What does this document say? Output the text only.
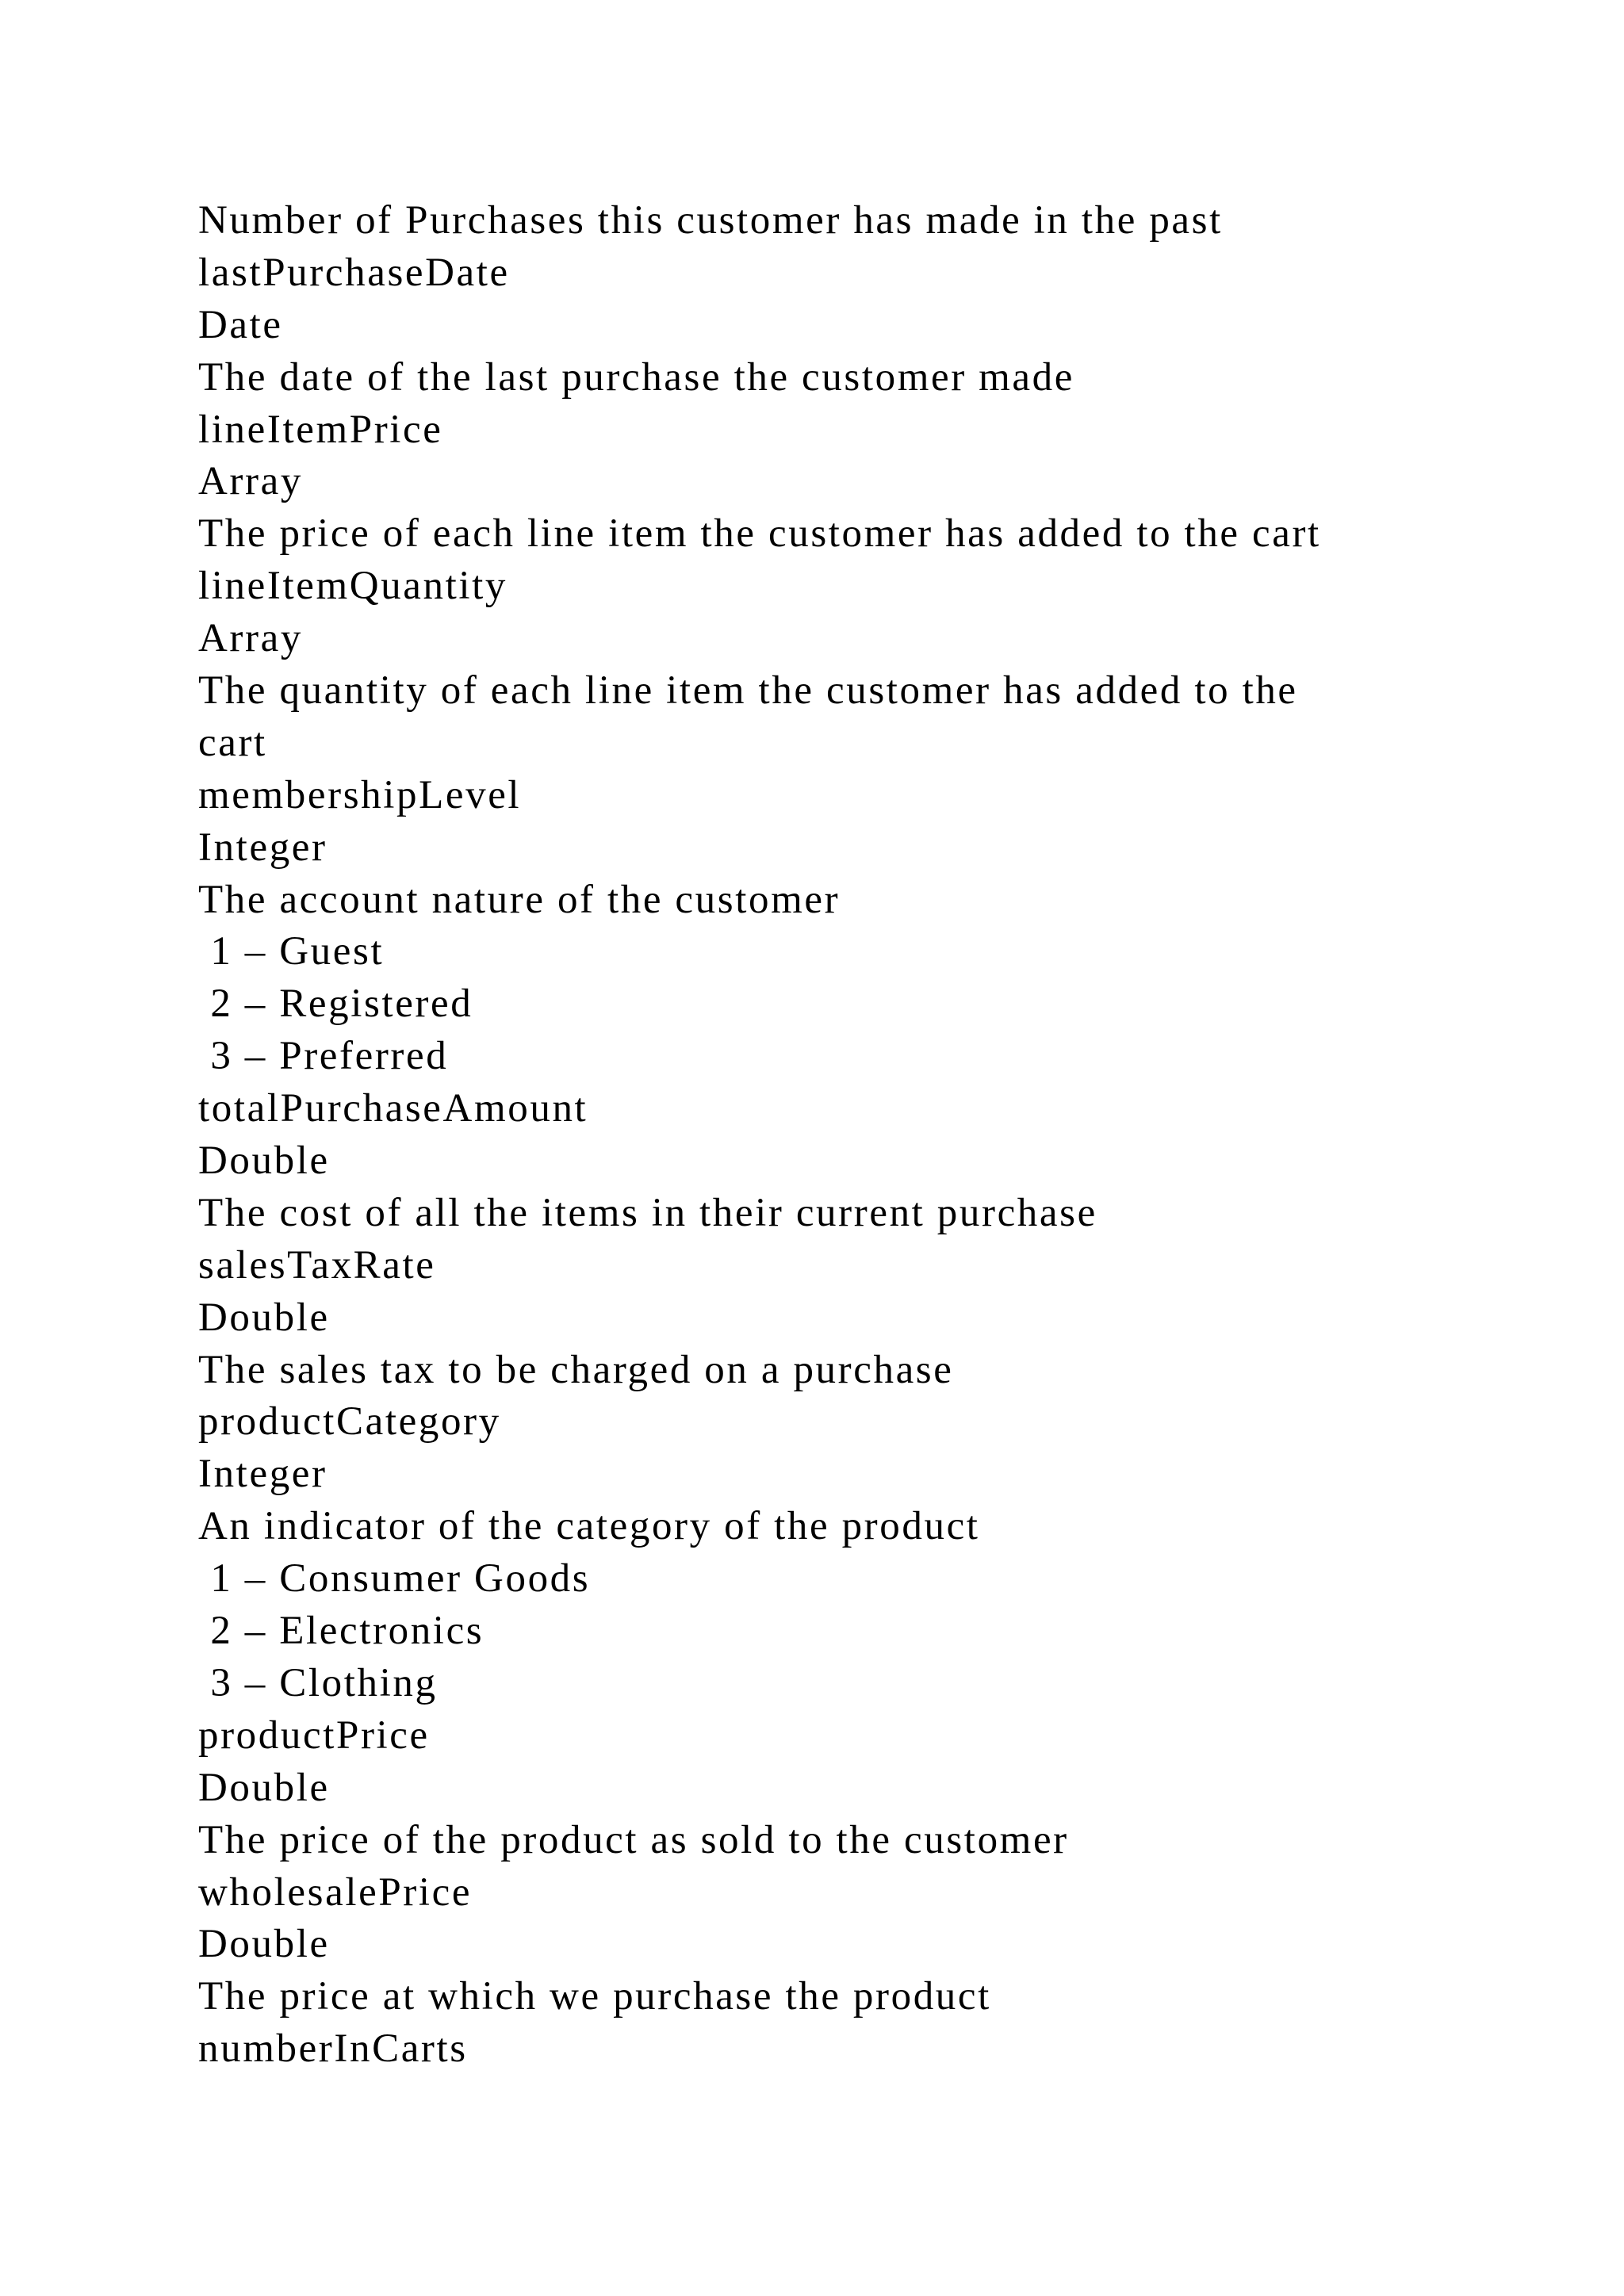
Number of Purchases this customer has made in the past
lastPurchaseDate
Date
The date of the last purchase the customer made
lineItemPrice
Array
The price of each line item the customer has added to the cart
lineItemQuantity
Array
The quantity of each line item the customer has added to the
cart
membershipLevel
Integer
The account nature of the customer
1 – Guest
2 – Registered
3 – Preferred
totalPurchaseAmount
Double
The cost of all the items in their current purchase
salesTaxRate
Double
The sales tax to be charged on a purchase
productCategory
Integer
An indicator of the category of the product
1 – Consumer Goods
2 – Electronics
3 – Clothing
productPrice
Double
The price of the product as sold to the customer
wholesalePrice
Double
The price at which we purchase the product
numberInCarts
